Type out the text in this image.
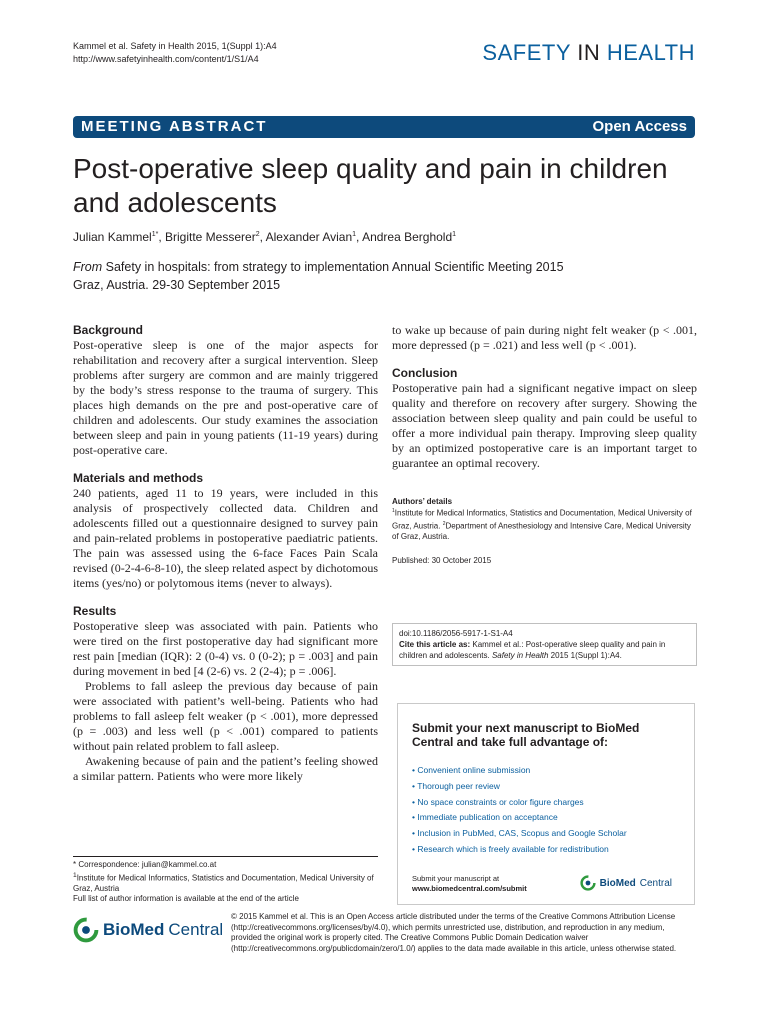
Kammel et al. Safety in Health 2015, 1(Suppl 1):A4
http://www.safetyinhealth.com/content/1/S1/A4	SAFETY IN HEALTH
MEETING ABSTRACT	Open Access
Post-operative sleep quality and pain in children and adolescents
Julian Kammel$^{1*}$, Brigitte Messerer$^2$, Alexander Avian$^1$, Andrea Berghold$^1$
From Safety in hospitals: from strategy to implementation Annual Scientific Meeting 2015
Graz, Austria. 29-30 September 2015
Background

Post-operative sleep is one of the major aspects for rehabilitation and recovery after a surgical intervention. Sleep problems after surgery are common and are mainly triggered by the body’s stress response to the trauma of surgery. This places high demands on the pre and post-operative care of children and adolescents. Our study examines the association between sleep and pain in young patients (11-19 years) during post-operative care.

Materials and methods

240 patients, aged 11 to 19 years, were included in this analysis of prospectively collected data. Children and adolescents filled out a questionnaire designed to survey pain and pain-related problems in postoperative paediatric patients. The pain was assessed using the 6-face Faces Pain Scala revised (0-2-4-6-8-10), the sleep related aspect by dichotomous items (yes/no) or polytomous items (never to always).

Results

Postoperative sleep was associated with pain. Patients who were tired on the first postoperative day had significant more rest pain [median (IQR): 2 (0-4) vs. 0 (0-2); p = .003] and pain during movement in bed [4 (2-6) vs. 2 (2-4); p = .006].

Problems to fall asleep the previous day because of pain were associated with patient’s well-being. Patients who had problems to fall asleep felt weaker (p < .001), more depressed (p = .003) and less well (p < .001) compared to patients without pain related problem to fall asleep.

Awakening because of pain and the patient’s feeling showed a similar pattern. Patients who were more likely

* Correspondence: julian@kammel.co.at
$^1$Institute for Medical Informatics, Statistics and Documentation, Medical University of Graz, Austria
Full list of author information is available at the end of the article

to wake up because of pain during night felt weaker (p < .001, more depressed (p = .021) and less well (p < .001).

Conclusion

Postoperative pain had a significant negative impact on sleep quality and therefore on recovery after surgery. Showing the association between sleep quality and pain could be useful to offer a more individual pain therapy. Improving sleep quality by an optimized postoperative care is an important target to guarantee an optimal recovery.

Authors’ details
$^1$Institute for Medical Informatics, Statistics and Documentation, Medical University of Graz, Austria. $^2$Department of Anesthesiology and Intensive Care, Medical University of Graz, Austria.
Published: 30 October 2015
doi:10.1186/2056-5917-1-S1-A4
Cite this article as: Kammel et al.: Post-operative sleep quality and pain in children and adolescents. Safety in Health 2015 1(Suppl 1):A4.
Submit your next manuscript to BioMed Central and take full advantage of:
• Convenient online submission
• Thorough peer review
• No space constraints or color figure charges
• Immediate publication on acceptance
• Inclusion in PubMed, CAS, Scopus and Google Scholar
• Research which is freely available for redistribution
Submit your manuscript at
www.biomedcentral.com/submit	BioMed Central
BioMed Central
© 2015 Kammel et al. This is an Open Access article distributed under the terms of the Creative Commons Attribution License (http://creativecommons.org/licenses/by/4.0), which permits unrestricted use, distribution, and reproduction in any medium, provided the original work is properly cited. The Creative Commons Public Domain Dedication waiver (http://creativecommons.org/publicdomain/zero/1.0/) applies to the data made available in this article, unless otherwise stated.
